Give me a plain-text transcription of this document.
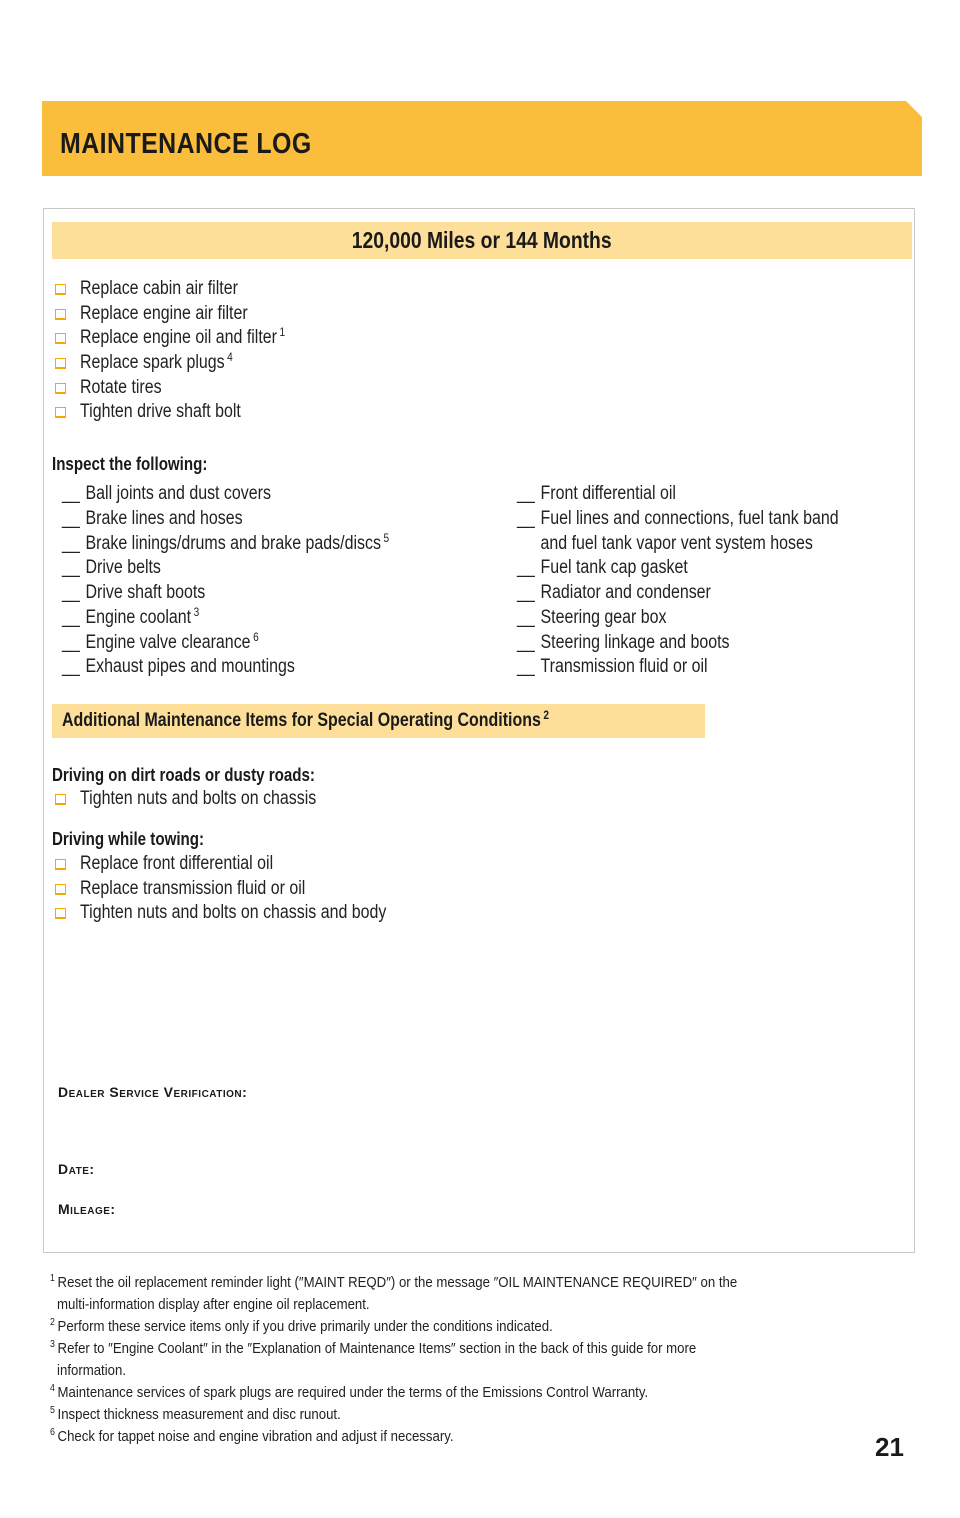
MAINTENANCE LOG
120,000 Miles or 144 Months
Replace cabin air filter
Replace engine air filter
Replace engine oil and filter $^1$
Replace spark plugs $^4$
Rotate tires
Tighten drive shaft bolt
Inspect the following:
__ Ball joints and dust covers
__ Brake lines and hoses
__ Brake linings/drums and brake pads/discs $^5$
__ Drive belts
__ Drive shaft boots
__ Engine coolant $^3$
__ Engine valve clearance $^6$
__ Exhaust pipes and mountings
__ Front differential oil
__ Fuel lines and connections, fuel tank band
and fuel tank vapor vent system hoses
__ Fuel tank cap gasket
__ Radiator and condenser
__ Steering gear box
__ Steering linkage and boots
__ Transmission fluid or oil
Additional Maintenance Items for Special Operating Conditions $^2$
Driving on dirt roads or dusty roads:
Tighten nuts and bolts on chassis
Driving while towing:
Replace front differential oil
Replace transmission fluid or oil
Tighten nuts and bolts on chassis and body
Dealer Service Verification:
Date:
Mileage:
$^1$ Reset the oil replacement reminder light (″MAINT REQD″) or the message ″OIL MAINTENANCE REQUIRED″ on the
multi-information display after engine oil replacement.
$^2$ Perform these service items only if you drive primarily under the conditions indicated.
$^3$ Refer to ″Engine Coolant″ in the ″Explanation of Maintenance Items″ section in the back of this guide for more
information.
$^4$ Maintenance services of spark plugs are required under the terms of the Emissions Control Warranty.
$^5$ Inspect thickness measurement and disc runout.
$^6$ Check for tappet noise and engine vibration and adjust if necessary.	21
